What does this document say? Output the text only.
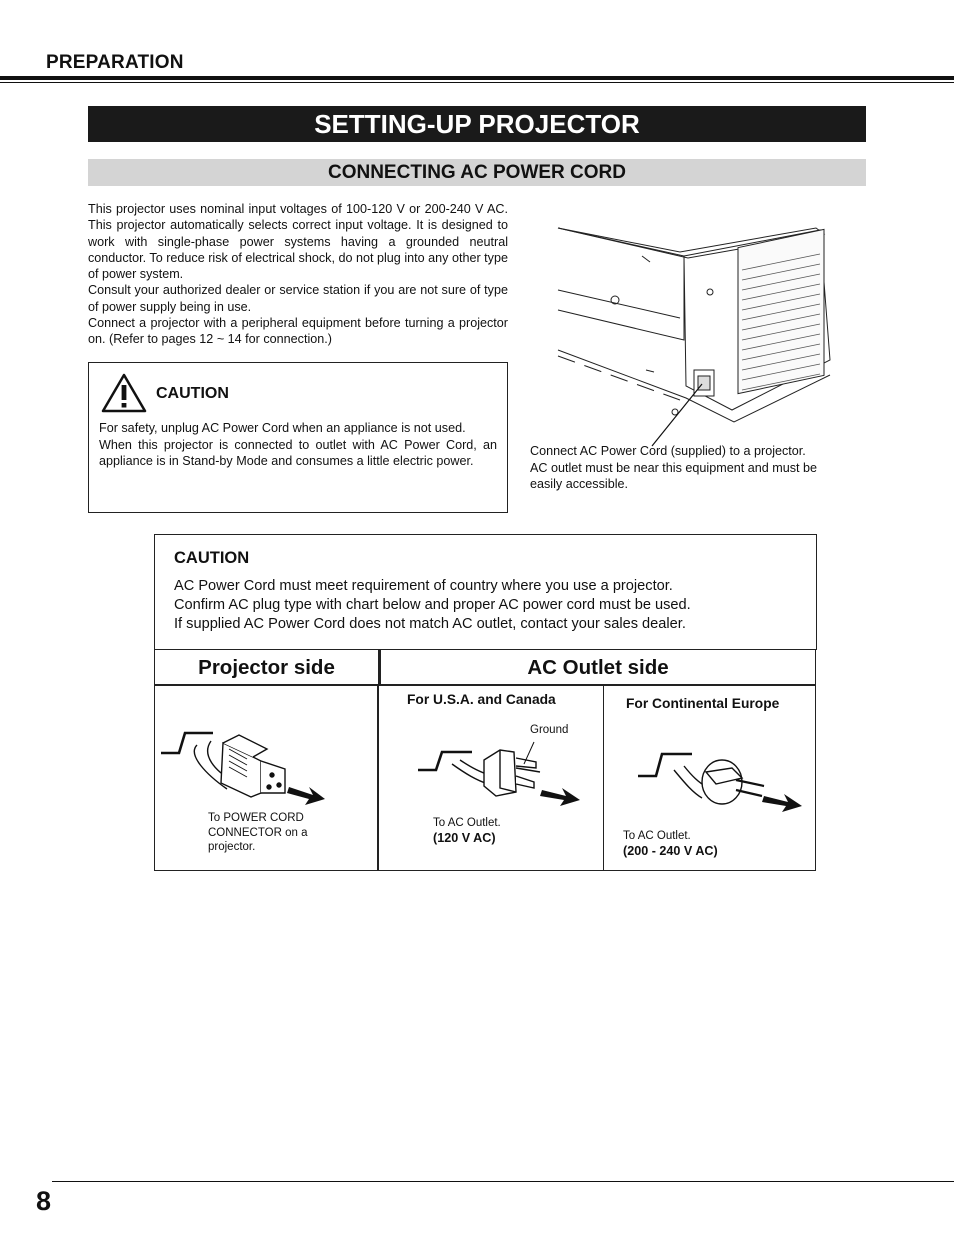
PREPARATION
SETTING-UP PROJECTOR
CONNECTING AC POWER CORD

This projector uses nominal input voltages of 100-120 V or 200-240 V AC. This projector automatically selects correct input voltage. It is designed to work with single-phase power systems having a grounded neutral conductor. To reduce risk of electrical shock, do not plug into any other type of power system.

Consult your authorized dealer or service station if you are not sure of type of power supply being in use.

Connect a projector with a peripheral equipment before turning a projector on. (Refer to pages 12 ~ 14 for connection.)

CAUTION

For safety, unplug AC Power Cord when an appliance is not used.

When this projector is connected to outlet with AC Power Cord, an appliance is in Stand-by Mode and consumes a little electric power.

Connect AC Power Cord (supplied) to a projector.

AC outlet must be near this equipment and must be easily accessible.

CAUTION

AC Power Cord must meet requirement of country where you use a projector.

Confirm AC plug type with chart below and proper AC power cord must be used.

If supplied AC Power Cord does not match AC outlet, contact your sales dealer.

Projector side	AC Outlet side

To POWER CORD CONNECTOR on a projector.

For U.S.A. and Canada
Ground

To AC Outlet.

(120 V AC)

For Continental Europe

To AC Outlet.

(200 - 240 V AC)

8
